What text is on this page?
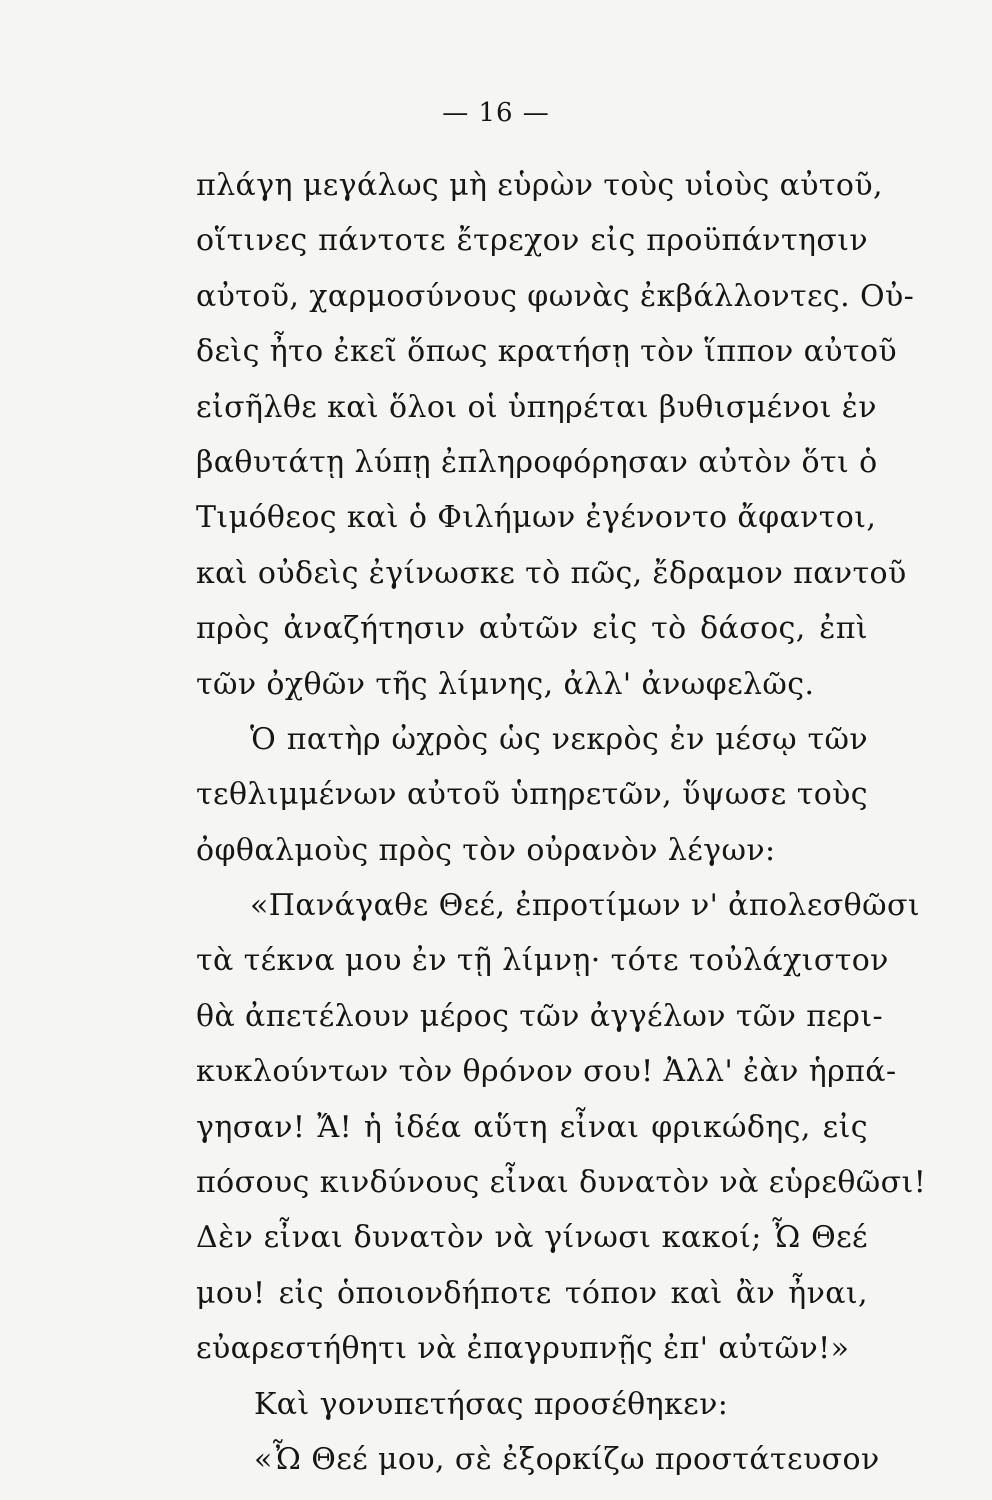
— 16 —
πλάγη μεγάλως μὴ εὑρὼν τοὺς υἱοὺς αὐτοῦ,
οἵτινες πάντοτε ἔτρεχον εἰς προϋπάντησιν
αὐτοῦ, χαρμοσύνους φωνὰς ἐκβάλλοντες. Οὐ-
δεὶς ἦτο ἐκεῖ ὅπως κρατήσῃ τὸν ἵππον αὐτοῦ
εἰσῆλθε καὶ ὅλοι οἱ ὑπηρέται βυθισμένοι ἐν
βαθυτάτῃ λύπῃ ἐπληροφόρησαν αὐτὸν ὅτι ὁ
Τιμόθεος καὶ ὁ Φιλήμων ἐγένοντο ἄφαντοι,
καὶ οὐδεὶς ἐγίνωσκε τὸ πῶς, ἔδραμον παντοῦ
πρὸς ἀναζήτησιν αὐτῶν εἰς τὸ δάσος, ἐπὶ
τῶν ὀχθῶν τῆς λίμνης, ἀλλ' ἀνωφελῶς.
Ὁ πατὴρ ὠχρὸς ὡς νεκρὸς ἐν μέσῳ τῶν
τεθλιμμένων αὐτοῦ ὑπηρετῶν, ὕψωσε τοὺς
ὀφθαλμοὺς πρὸς τὸν οὐρανὸν λέγων:
«Πανάγαθε Θεέ, ἐπροτίμων ν' ἀπολεσθῶσι
τὰ τέκνα μου ἐν τῇ λίμνῃ· τότε τοὐλάχιστον
θὰ ἀπετέλουν μέρος τῶν ἀγγέλων τῶν περι-
κυκλούντων τὸν θρόνον σου! Ἀλλ' ἐὰν ἡρπά-
γησαν! Ἄ! ἡ ἰδέα αὕτη εἶναι φρικώδης, εἰς
πόσους κινδύνους εἶναι δυνατὸν νὰ εὑρεθῶσι!
Δὲν εἶναι δυνατὸν νὰ γίνωσι κακοί; Ὦ Θεέ
μου! εἰς ὁποιονδήποτε τόπον καὶ ἂν ἦναι,
εὐαρεστήθητι νὰ ἐπαγρυπνῇς ἐπ' αὐτῶν!»
Καὶ γονυπετήσας προσέθηκεν:
«Ὦ Θεέ μου, σὲ ἐξορκίζω προστάτευσον
